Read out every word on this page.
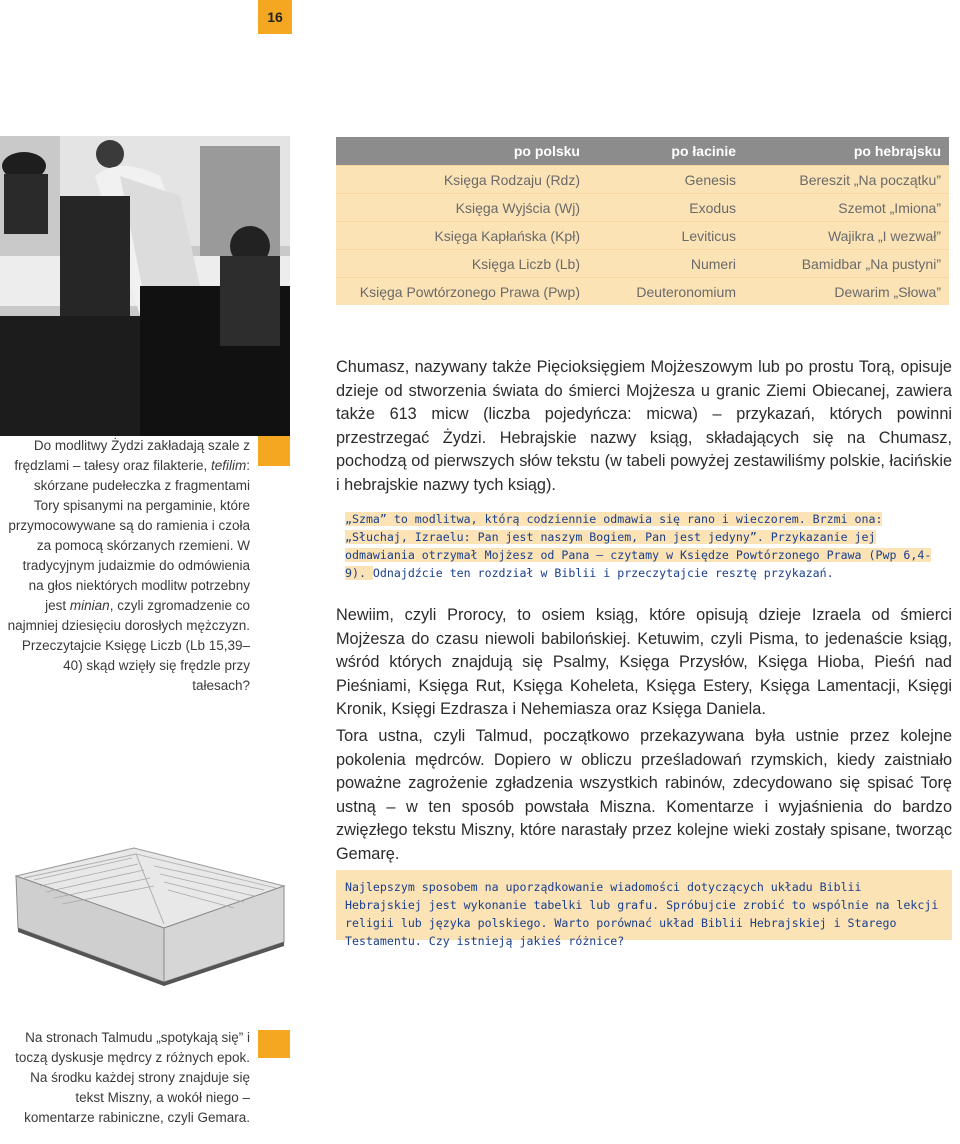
16
po polsku	po łacinie	po hebrajsku
Księga Rodzaju (Rdz)	Genesis	Bereszit „Na początku”
Księga Wyjścia (Wj)	Exodus	Szemot „Imiona”
Księga Kapłańska (Kpł)	Leviticus	Wajikra „I wezwał”
Księga Liczb (Lb)	Numeri	Bamidbar „Na pustyni”
Księga Powtórzonego Prawa (Pwp)	Deuteronomium	Dewarim „Słowa”
Do modlitwy Żydzi zakładają szale z frędzlami – tałesy oraz filakterie, tefilim: skórzane pudełeczka z fragmentami Tory spisanymi na pergaminie, które przymocowywane są do ramienia i czoła za pomocą skórzanych rzemieni. W tradycyjnym judaizmie do odmówienia na głos niektórych modlitw potrzebny jest minian, czyli zgromadzenie co najmniej dziesięciu dorosłych mężczyzn. Przeczytajcie Księgę Liczb (Lb 15,39–40) skąd wzięły się frędzle przy tałesach?
Chumasz, nazywany także Pięcioksięgiem Mojżeszowym lub po prostu Torą, opisuje dzieje od stworzenia świata do śmierci Mojżesza u granic Ziemi Obiecanej, zawiera także 613 micw (liczba pojedyńcza: micwa) – przykazań, których powinni przestrzegać Żydzi. Hebrajskie nazwy ksiąg, składających się na Chumasz, pochodzą od pierwszych słów tekstu (w tabeli powyżej zestawiliśmy polskie, łacińskie i hebrajskie nazwy tych ksiąg).
„Szma” to modlitwa, którą codziennie odmawia się rano i wieczorem. Brzmi ona: „Słuchaj, Izraelu: Pan jest naszym Bogiem, Pan jest jedyny”. Przykazanie jej odmawiania otrzymał Mojżesz od Pana – czytamy w Księdze Powtórzonego Prawa (Pwp 6,4-9). Odnajdźcie ten rozdział w Biblii i przeczytajcie resztę przykazań.
Newiim, czyli Prorocy, to osiem ksiąg, które opisują dzieje Izraela od śmierci Mojżesza do czasu niewoli babilońskiej. Ketuwim, czyli Pisma, to jedenaście ksiąg, wśród których znajdują się Psalmy, Księga Przysłów, Księga Hioba, Pieśń nad Pieśniami, Księga Rut, Księga Koheleta, Księga Estery, Księga Lamentacji, Księgi Kronik, Księgi Ezdrasza i Nehemiasza oraz Księga Daniela.
Tora ustna, czyli Talmud, początkowo przekazywana była ustnie przez kolejne pokolenia mędrców. Dopiero w obliczu prześladowań rzymskich, kiedy zaistniało poważne zagrożenie zgładzenia wszystkich rabinów, zdecydowano się spisać Torę ustną – w ten sposób powstała Miszna. Komentarze i wyjaśnienia do bardzo zwięzłego tekstu Miszny, które narastały przez kolejne wieki zostały spisane, tworząc Gemarę.
Najlepszym sposobem na uporządkowanie wiadomości dotyczących układu Biblii Hebrajskiej jest wykonanie tabelki lub grafu. Spróbujcie zrobić to wspólnie na lekcji religii lub języka polskiego. Warto porównać układ Biblii Hebrajskiej i Starego Testamentu. Czy istnieją jakieś różnice?
Na stronach Talmudu „spotykają się” i toczą dyskusje mędrcy z różnych epok. Na środku każdej strony znajduje się tekst Miszny, a wokół niego – komentarze rabiniczne, czyli Gemara.
